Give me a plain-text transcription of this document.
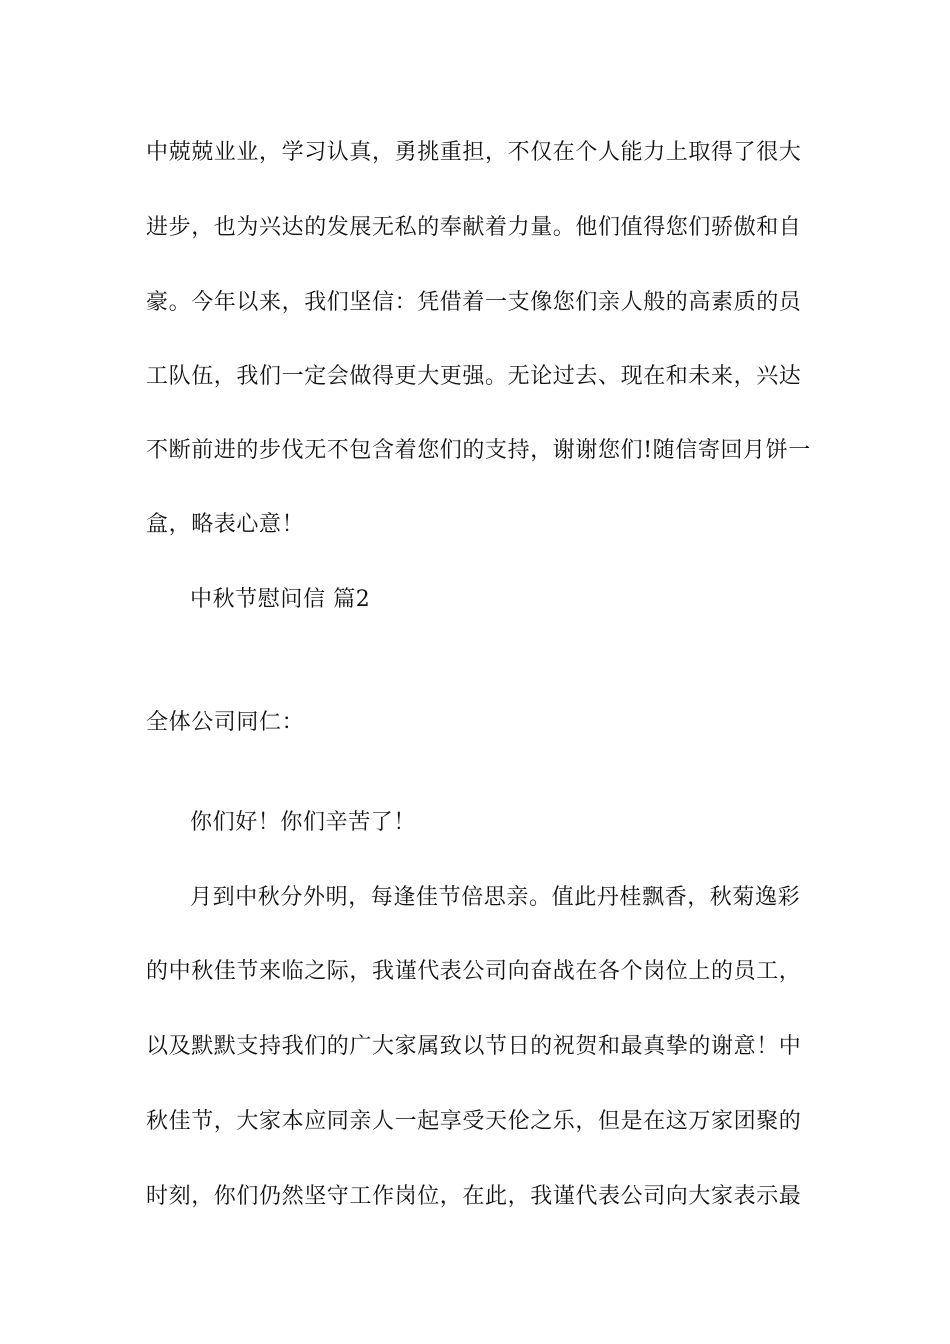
中兢兢业业，学习认真，勇挑重担，不仅在个人能力上取得了很大
进步，也为兴达的发展无私的奉献着力量。他们值得您们骄傲和自
豪。今年以来，我们坚信：凭借着一支像您们亲人般的高素质的员
工队伍，我们一定会做得更大更强。无论过去、现在和未来，兴达
不断前进的步伐无不包含着您们的支持，谢谢您们!随信寄回月饼一
盒，略表心意！
中秋节慰问信 篇2
全体公司同仁：
你们好！你们辛苦了！
月到中秋分外明，每逢佳节倍思亲。值此丹桂飘香，秋菊逸彩
的中秋佳节来临之际，我谨代表公司向奋战在各个岗位上的员工，
以及默默支持我们的广大家属致以节日的祝贺和最真挚的谢意！中
秋佳节，大家本应同亲人一起享受天伦之乐，但是在这万家团聚的
时刻，你们仍然坚守工作岗位，在此，我谨代表公司向大家表示最
